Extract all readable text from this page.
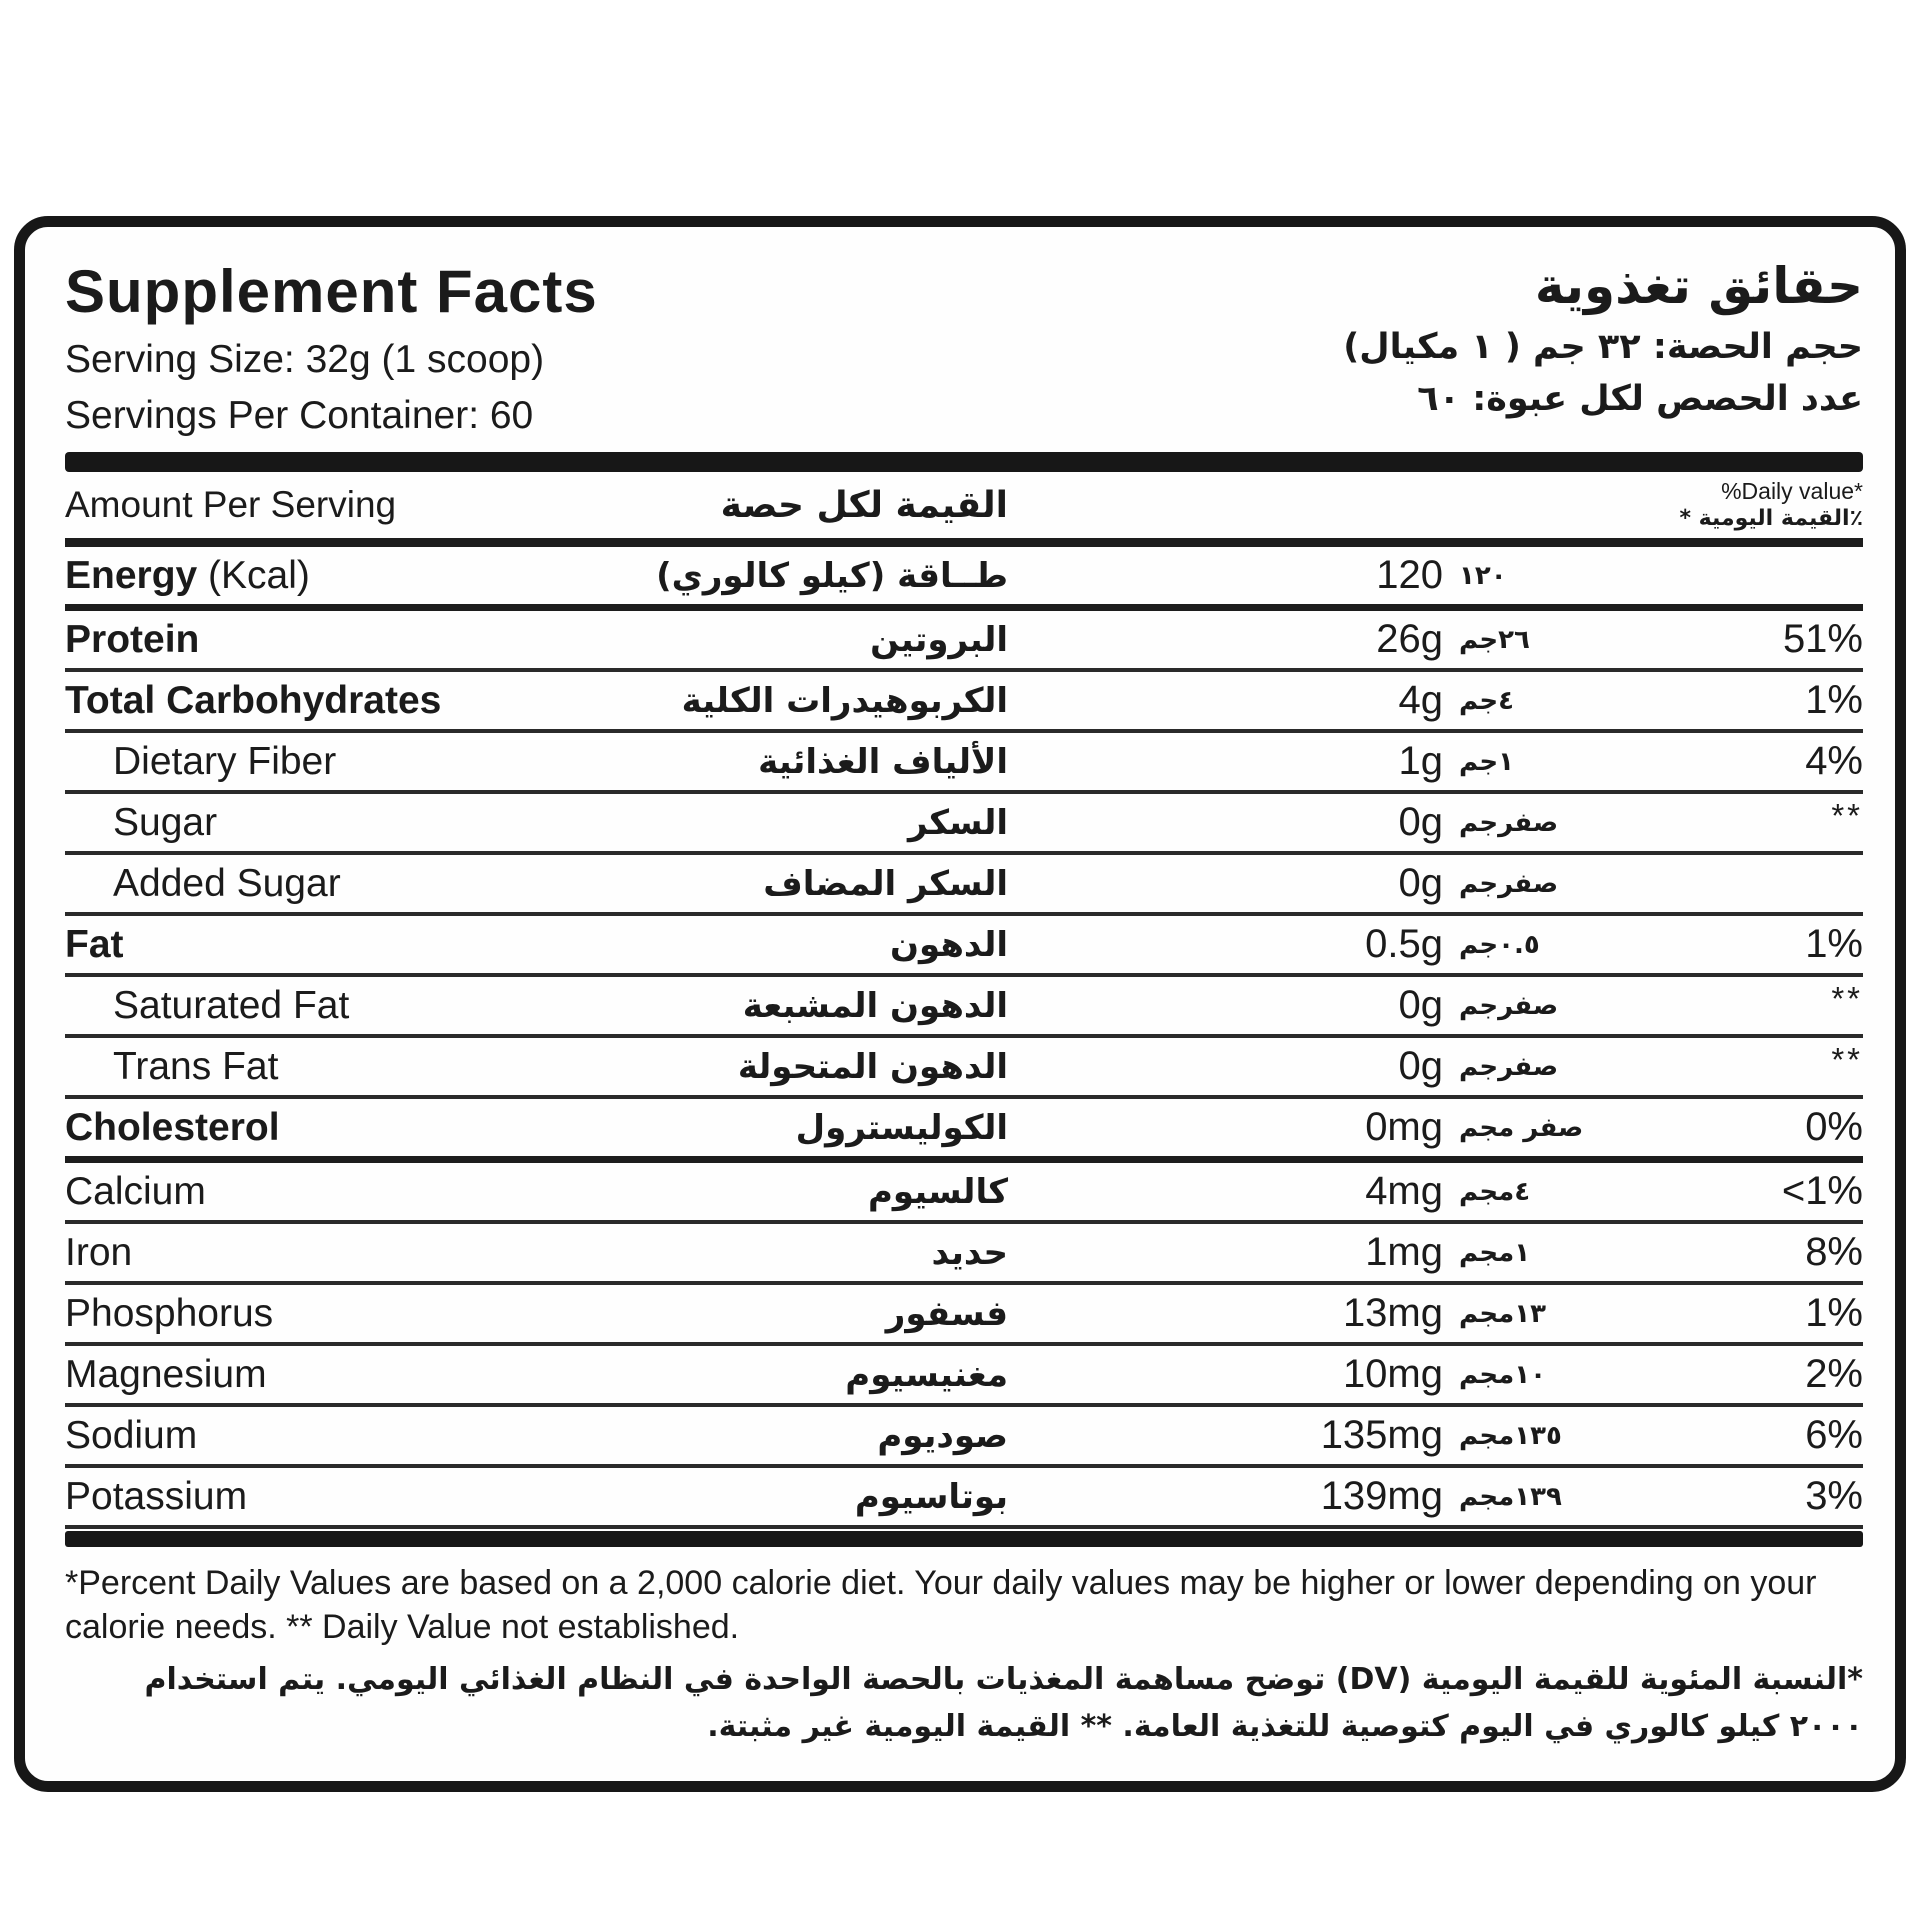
Supplement Facts
Serving Size: 32g (1 scoop)
Servings Per Container: 60
حقائق تغذوية
حجم الحصة: ٣٢ جم ( ١ مكيال)
عدد الحصص لكل عبوة: ٦٠
Amount Per Serving	القيمة لكل حصة	%Daily value*
٪القيمة اليومية *
Energy (Kcal)	طــاقة (كيلو كالوري)	120 ١٢٠
Protein	البروتين	26g ٢٦جم	51%
Total Carbohydrates	الكربوهيدرات الكلية	4g ٤جم	1%
Dietary Fiber	الألياف الغذائية	1g ١جم	4%
Sugar	السكر	0g صفرجم	**
Added Sugar	السكر المضاف	0g صفرجم
Fat	الدهون	0.5g ٠.٥جم	1%
Saturated Fat	الدهون المشبعة	0g صفرجم	**
Trans Fat	الدهون المتحولة	0g صفرجم	**
Cholesterol	الكوليسترول	0mg صفر مجم	0%
Calcium	كالسيوم	4mg ٤مجم	<1%
Iron	حديد	1mg ١مجم	8%
Phosphorus	فسفور	13mg ١٣مجم	1%
Magnesium	مغنيسيوم	10mg ١٠مجم	2%
Sodium	صوديوم	135mg ١٣٥مجم	6%
Potassium	بوتاسيوم	139mg ١٣٩مجم	3%
*Percent Daily Values are based on a 2,000 calorie diet. Your daily values may be higher or lower depending on your calorie needs. ** Daily Value not established.
*النسبة المئوية للقيمة اليومية (DV) توضح مساهمة المغذيات بالحصة الواحدة في النظام الغذائي اليومي. يتم استخدام ٢٠٠٠ كيلو كالوري في اليوم كتوصية للتغذية العامة. ** القيمة اليومية غير مثبتة.
